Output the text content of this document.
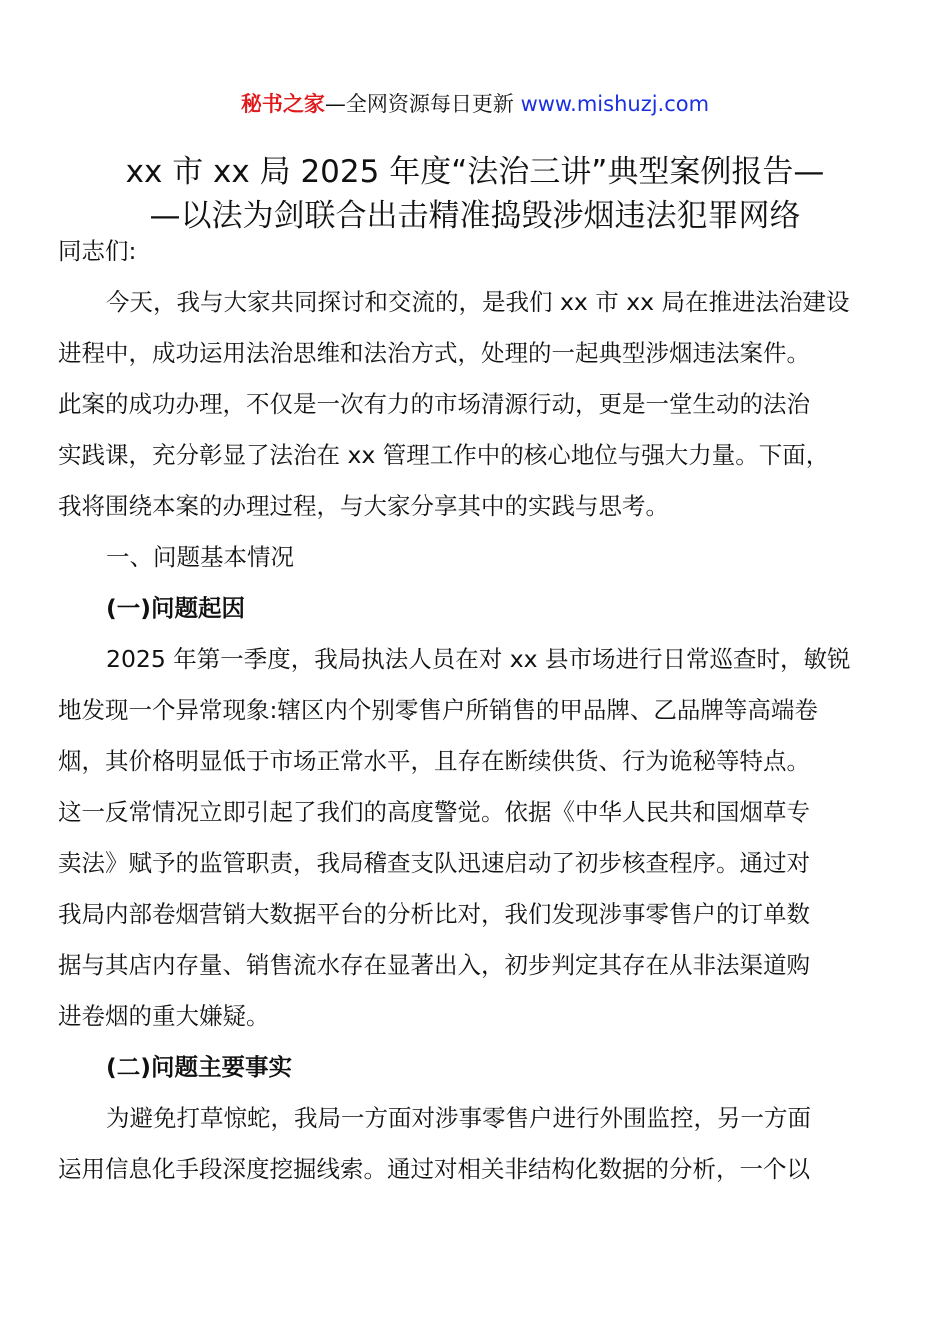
秘书之家—全网资源每日更新 www.mishuzj.com
xx 市 xx 局 2025 年度“法治三讲”典型案例报告—
—以法为剑联合出击精准捣毁涉烟违法犯罪网络

同志们:

今天，我与大家共同探讨和交流的，是我们 xx 市 xx 局在推进法治建设

进程中，成功运用法治思维和法治方式，处理的一起典型涉烟违法案件。

此案的成功办理，不仅是一次有力的市场清源行动，更是一堂生动的法治

实践课，充分彰显了法治在 xx 管理工作中的核心地位与强大力量。下面，

我将围绕本案的办理过程，与大家分享其中的实践与思考。

一、问题基本情况

(一)问题起因

2025 年第一季度，我局执法人员在对 xx 县市场进行日常巡查时，敏锐

地发现一个异常现象:辖区内个别零售户所销售的甲品牌、乙品牌等高端卷

烟，其价格明显低于市场正常水平，且存在断续供货、行为诡秘等特点。

这一反常情况立即引起了我们的高度警觉。依据《中华人民共和国烟草专

卖法》赋予的监管职责，我局稽查支队迅速启动了初步核查程序。通过对

我局内部卷烟营销大数据平台的分析比对，我们发现涉事零售户的订单数

据与其店内存量、销售流水存在显著出入，初步判定其存在从非法渠道购

进卷烟的重大嫌疑。

(二)问题主要事实

为避免打草惊蛇，我局一方面对涉事零售户进行外围监控，另一方面

运用信息化手段深度挖掘线索。通过对相关非结构化数据的分析，一个以
